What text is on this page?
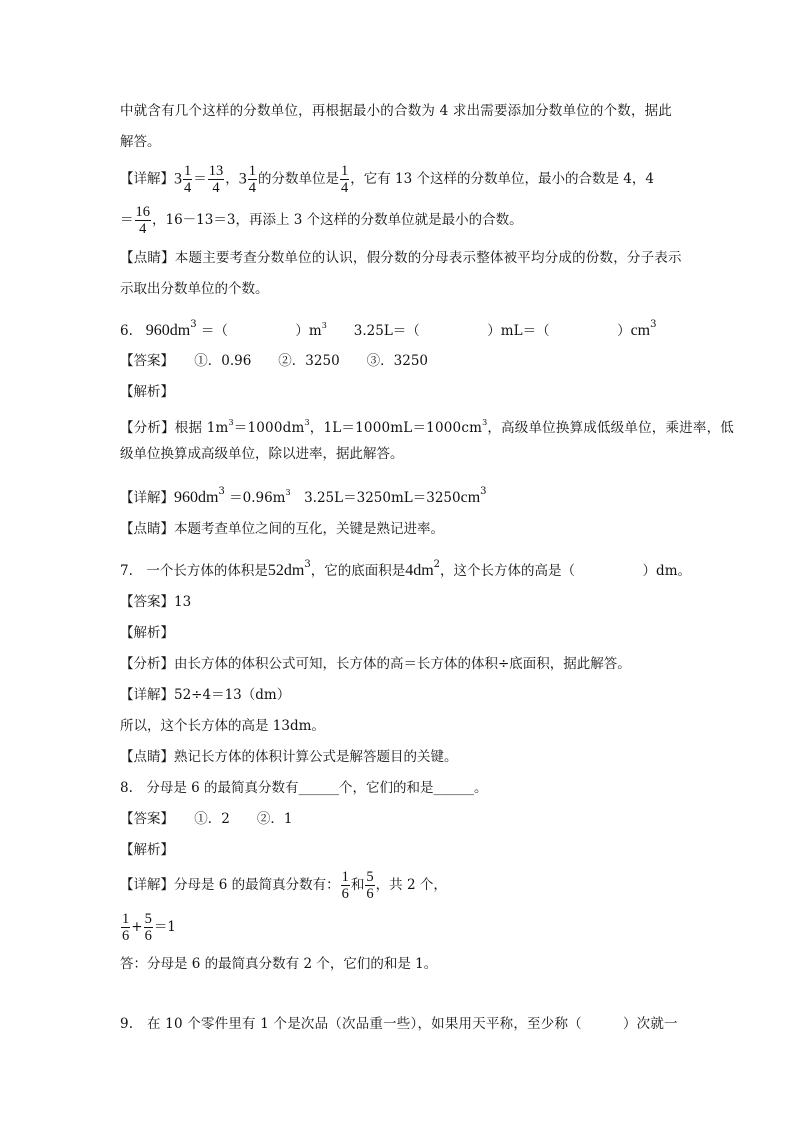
中就含有几个这样的分数单位，再根据最小的合数为 4 求出需要添加分数单位的个数，据此
解答。
【详解】$3 \frac{1}{4} = \frac{13}{4}$ ，$3 \frac{1}{4}$ 的分数单位是 $\frac{1}{4}$ ，它有 13 个这样的分数单位，最小的合数是 4，4
＝ $\frac{16}{4}$ ，16－13＝3，再添上 3 个这样的分数单位就是最小的合数。
【点睛】本题主要考查分数单位的认识，假分数的分母表示整体被平均分成的份数，分子表示
示取出分数单位的个数。
6. $960dm^3$ ＝（　　　　　）$m^3$　　3.25L＝（　　　　　）mL＝（　　　　　）$cm^3$
【答案】　　①．0.96　　②．3250　　③．3250
【解析】
【分析】根据 $1m^3=1000dm^3$，$1L=1000mL=1000cm^3$，高级单位换算成低级单位，乘进率，低
级单位换算成高级单位，除以进率，据此解答。
【详解】$960dm^3 =0.96m^3$　$3.25L=3250mL=3250cm^3$
【点睛】本题考查单位之间的互化，关键是熟记进率。
7.　一个长方体的体积是$52dm^3$，它的底面积是$4dm^2$，这个长方体的高是（　　　　　）dm。
【答案】13
【解析】
【分析】由长方体的体积公式可知，长方体的高＝长方体的体积÷底面积，据此解答。
【详解】52÷4＝13（dm）
所以，这个长方体的高是 13dm。
【点睛】熟记长方体的体积计算公式是解答题目的关键。
8.　分母是 6 的最简真分数有______个，它们的和是______。
【答案】　　①．2　　②．1
【解析】
【详解】分母是 6 的最简真分数有： $\frac{1}{6}$ 和 $\frac{5}{6}$ ，共 2 个，
$\frac{1}{6} + \frac{5}{6} =1$
答：分母是 6 的最简真分数有 2 个，它们的和是 1。
9.　在 10 个零件里有 1 个是次品（次品重一些），如果用天平称，至少称（　　　）次就一
